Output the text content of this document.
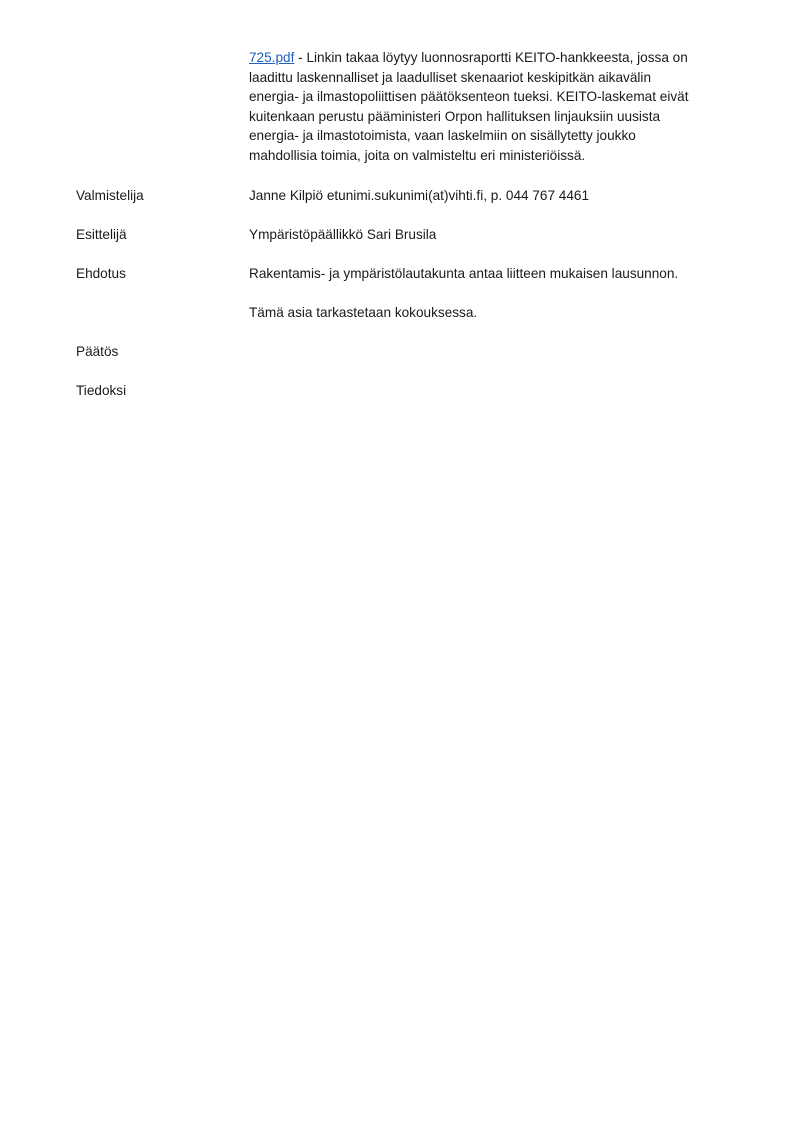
725.pdf - Linkin takaa löytyy luonnosraportti KEITO-hankkeesta, jossa on
laadittu laskennalliset ja laadulliset skenaariot keskipitkän aikavälin
energia- ja ilmastopoliittisen päätöksenteon tueksi. KEITO-laskemat eivät
kuitenkaan perustu pääministeri Orpon hallituksen linjauksiin uusista
energia- ja ilmastotoimista, vaan laskelmiin on sisällytetty joukko
mahdollisia toimia, joita on valmisteltu eri ministeriöissä.
Valmistelija	Janne Kilpiö etunimi.sukunimi(at)vihti.fi, p. 044 767 4461
Esittelijä	Ympäristöpäällikkö Sari Brusila
Ehdotus	Rakentamis- ja ympäristölautakunta antaa liitteen mukaisen lausunnon.
Tämä asia tarkastetaan kokouksessa.
Päätös
Tiedoksi
